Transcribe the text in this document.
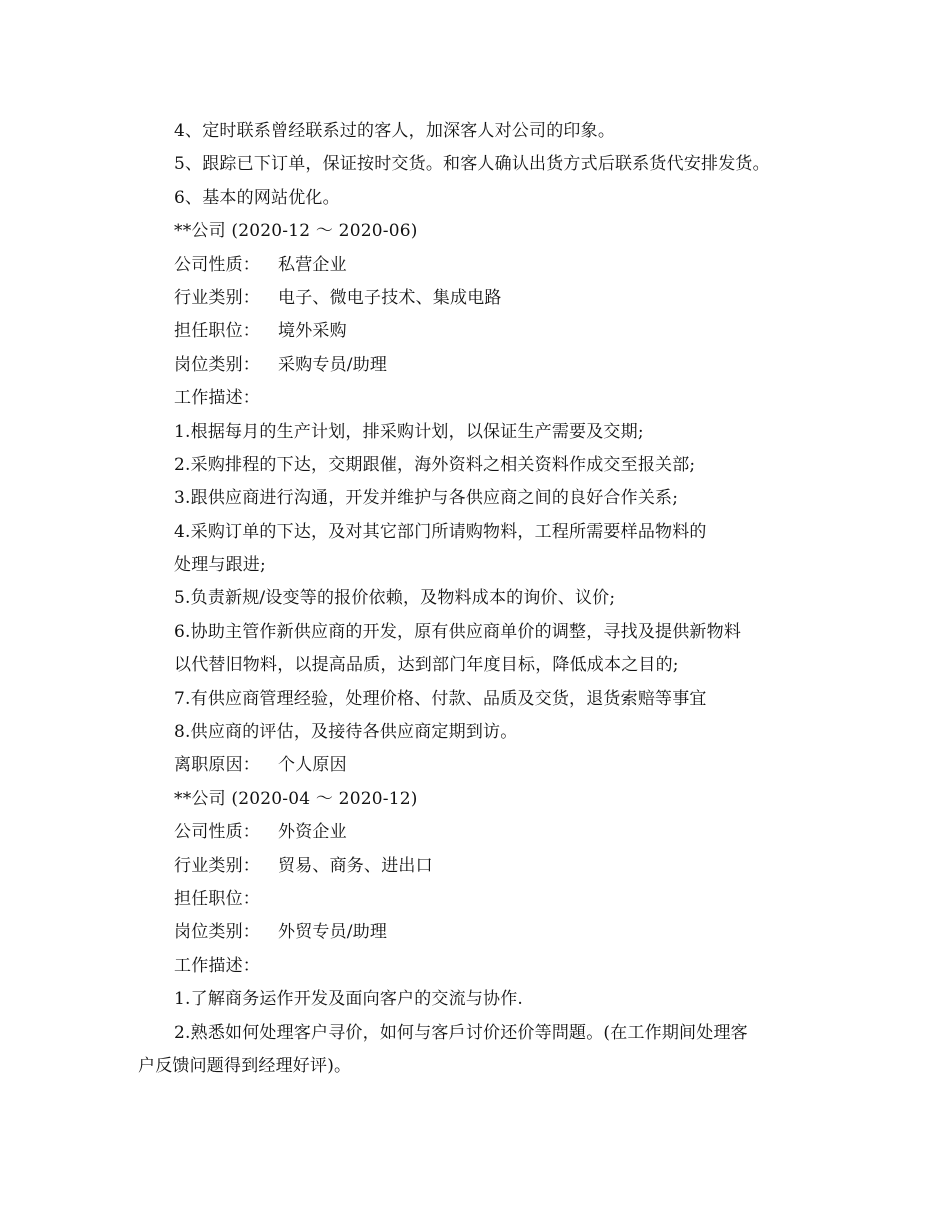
4、定时联系曾经联系过的客人，加深客人对公司的印象。
5、跟踪已下订单，保证按时交货。和客人确认出货方式后联系货代安排发货。
6、基本的网站优化。
**公司 (2020-12 ～ 2020-06)
公司性质： 私营企业
行业类别： 电子、微电子技术、集成电路
担任职位： 境外采购
岗位类别： 采购专员/助理
工作描述：
1.根据每月的生产计划，排采购计划，以保证生产需要及交期;
2.采购排程的下达，交期跟催，海外资料之相关资料作成交至报关部;
3.跟供应商进行沟通，开发并维护与各供应商之间的良好合作关系;
4.采购订单的下达，及对其它部门所请购物料，工程所需要样品物料的
处理与跟进;
5.负责新规/设变等的报价依赖，及物料成本的询价、议价;
6.协助主管作新供应商的开发，原有供应商单价的调整，寻找及提供新物料
以代替旧物料，以提高品质，达到部门年度目标，降低成本之目的;
7.有供应商管理经验，处理价格、付款、品质及交货，退货索赔等事宜
8.供应商的评估，及接待各供应商定期到访。
离职原因： 个人原因
**公司 (2020-04 ～ 2020-12)
公司性质： 外资企业
行业类别： 贸易、商务、进出口
担任职位：
岗位类别： 外贸专员/助理
工作描述：
1.了解商务运作开发及面向客户的交流与协作.
2.熟悉如何处理客户寻价，如何与客戶讨价还价等問題。(在工作期间处理客
户反馈问题得到经理好评)。
